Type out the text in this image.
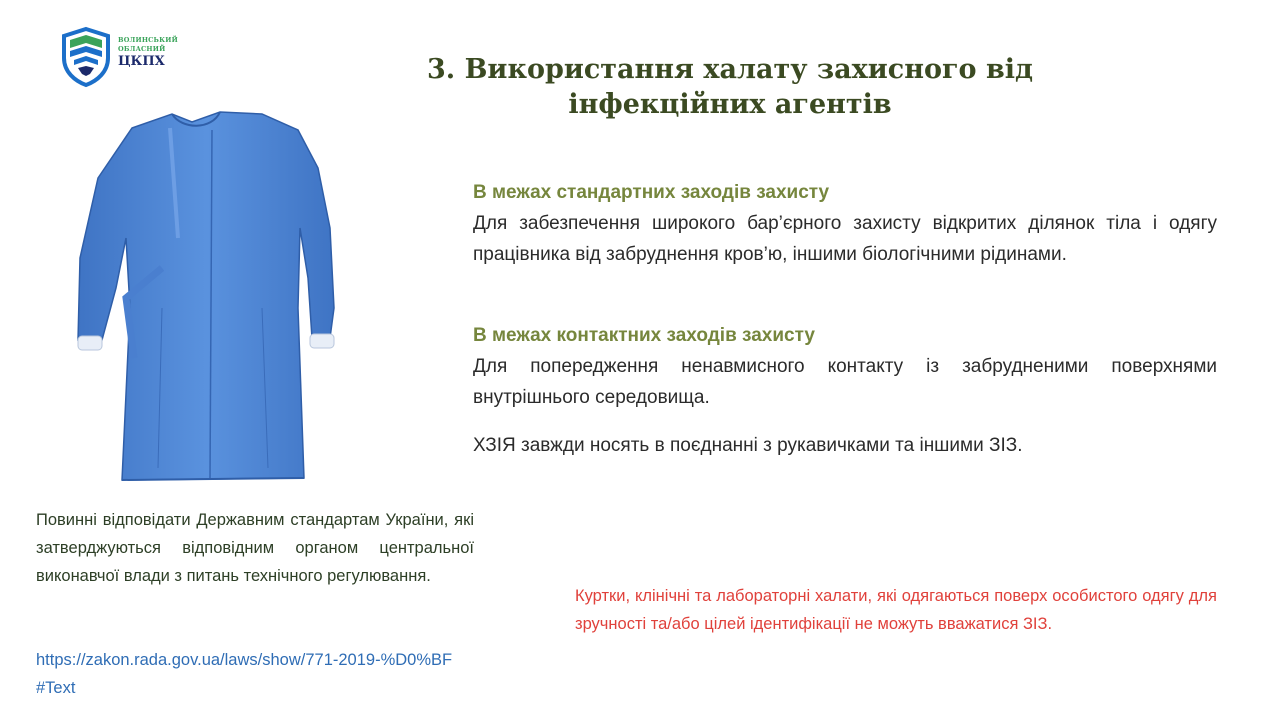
ВОЛИНСЬКИЙ
ОБЛАСНИЙ
ЦКПХ	3. Використання халату захисного від
інфекційних агентів
В межах стандартних заходів захисту
Для забезпечення широкого бар’єрного захисту відкритих ділянок тіла і одягу працівника від забруднення кров’ю, іншими біологічними рідинами.
В межах контактних заходів захисту
Для попередження ненавмисного контакту із забрудненими поверхнями внутрішнього середовища.
ХЗІЯ завжди носять в поєднанні з рукавичками та іншими ЗІЗ.
Повинні відповідати Державним стандартам України, які затверджуються відповідним органом центральної виконавчої влади з питань технічного регулювання.
https://zakon.rada.gov.ua/laws/show/771-2019-%D0%BF#Text
Куртки, клінічні та лабораторні халати, які одягаються поверх особистого одягу для зручності та/або цілей ідентифікації не можуть вважатися ЗІЗ.
